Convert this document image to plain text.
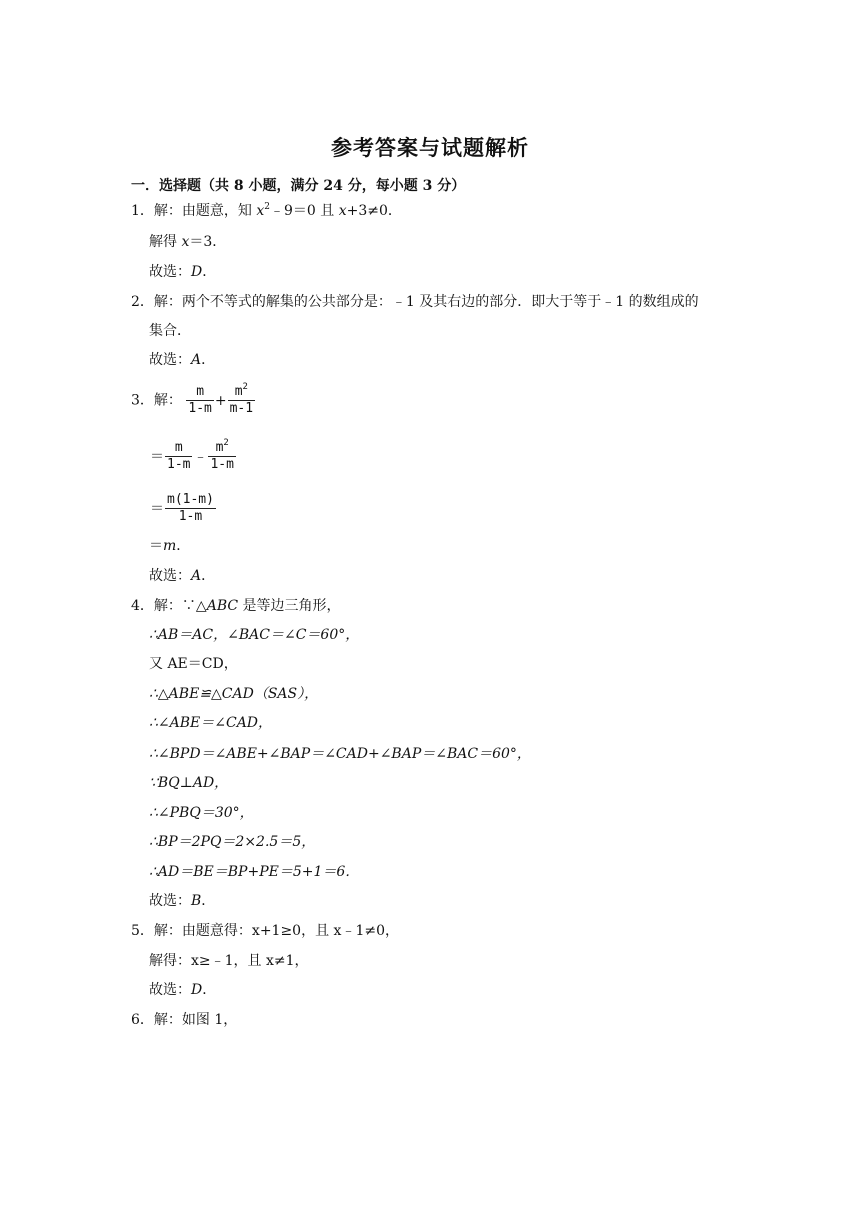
参考答案与试题解析
一．选择题（共 8 小题，满分 24 分，每小题 3 分）
1．解：由题意，知 $x^2﹣9=0$ 且 x+3≠0．
解得 x＝3．
故选：D．
2．解：两个不等式的解集的公共部分是：﹣1 及其右边的部分．即大于等于﹣1 的数组成的
集合．
故选：A．
3．解： $\frac{m}{1-m} + \frac{m^2}{m-1}$
＝ $\frac{m}{1-m}$ ﹣ $\frac{m^2}{1-m}$
＝ $\frac{m(1-m)}{1-m}$
＝m．
故选：A．
4．解：∵△ABC 是等边三角形，
∴AB＝AC，∠BAC＝∠C＝60°，
又 AE＝CD，
∴△ABE≌△CAD（SAS），
∴∠ABE＝∠CAD，
∴∠BPD＝∠ABE+∠BAP＝∠CAD+∠BAP＝∠BAC＝60°，
∵BQ⊥AD，
∴∠PBQ＝30°，
∴BP＝2PQ＝2×2.5＝5，
∴AD＝BE＝BP+PE＝5+1＝6．
故选：B．
5．解：由题意得：x+1≥0，且 x﹣1≠0，
解得：x≥﹣1，且 x≠1，
故选：D．
6．解：如图 1，
